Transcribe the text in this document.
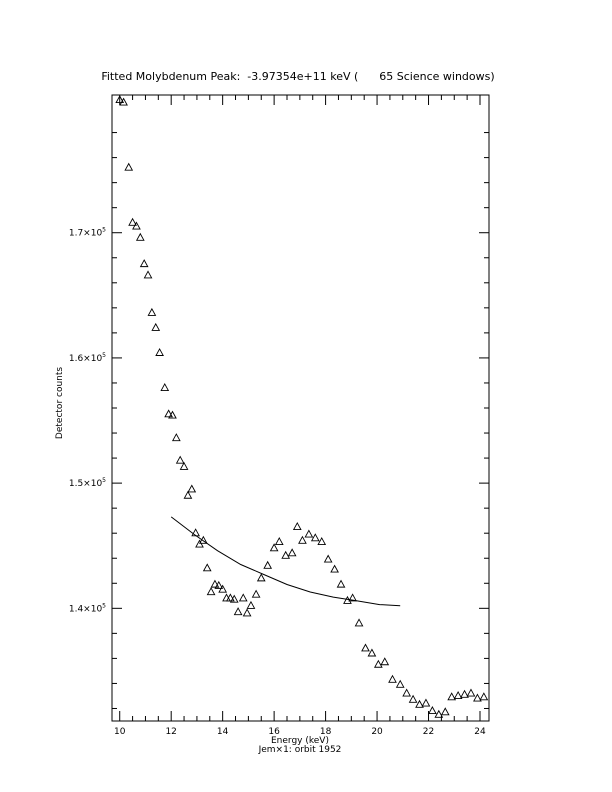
Fitted Molybdenum Peak:  -3.97354e+11 keV (      65 Science windows)
10	12	14	16	18	20	22	24
$1.4\times 10^5$
$1.5\times 10^5$
$1.6\times 10^5$
$1.7\times 10^5$
Energy (keV)
Jem×1: orbit 1952
Detector counts
